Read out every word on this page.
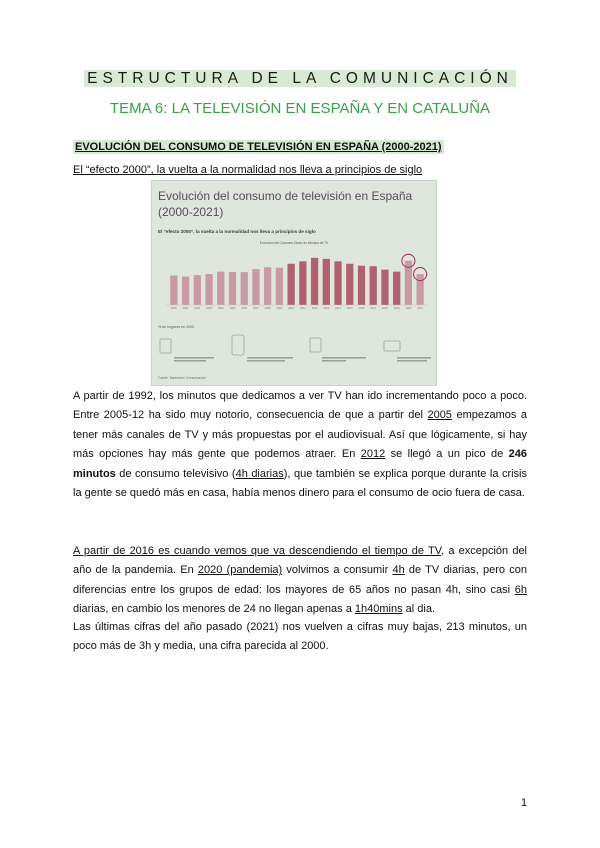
ESTRUCTURA DE LA COMUNICACIÓN
TEMA 6: LA TELEVISIÓN EN ESPAÑA Y EN CATALUÑA
EVOLUCIÓN DEL CONSUMO DE TELEVISIÓN EN ESPAÑA (2000-2021)
El “efecto 2000”, la vuelta a la normalidad nos lleva a principios de siglo
Evolución del consumo de televisión en España
(2000-2021)
El “efecto 2000”, la vuelta a la normalidad nos lleva a principios de siglo
Evolución del Consumo Diario de Minutos de TV
2000 2001 2002 2003 2004 2005 2006 2007 2008 2009 2010 2011 2012 2013 2014 2015 2016 2017 2018 2019 2020 2021
% de hogares en 2000
Fuente: Barlovento Comunicación

A partir de 1992, los minutos que dedicamos a ver TV han ido incrementando poco a poco. Entre 2005-12 ha sido muy notorio, consecuencia de que a partir del 2005 empezamos a tener más canales de TV y más propuestas por el audiovisual. Así que lógicamente, si hay más opciones hay más gente que podemos atraer. En 2012 se llegó a un pico de 246 minutos de consumo televisivo (4h diarias), que también se explica porque durante la crisis la gente se quedó más en casa, había menos dinero para el consumo de ocio fuera de casa.

A partir de 2016 es cuando vemos que va descendiendo el tiempo de TV, a excepción del año de la pandemia. En 2020 (pandemia) volvimos a consumir 4h de TV diarias, pero con diferencias entre los grupos de edad: los mayores de 65 años no pasan 4h, sino casi 6h diarias, en cambio los menores de 24 no llegan apenas a 1h40mins al dia.

Las últimas cifras del año pasado (2021) nos vuelven a cifras muy bajas, 213 minutos, un poco más de 3h y media, una cifra parecida al 2000.

1
